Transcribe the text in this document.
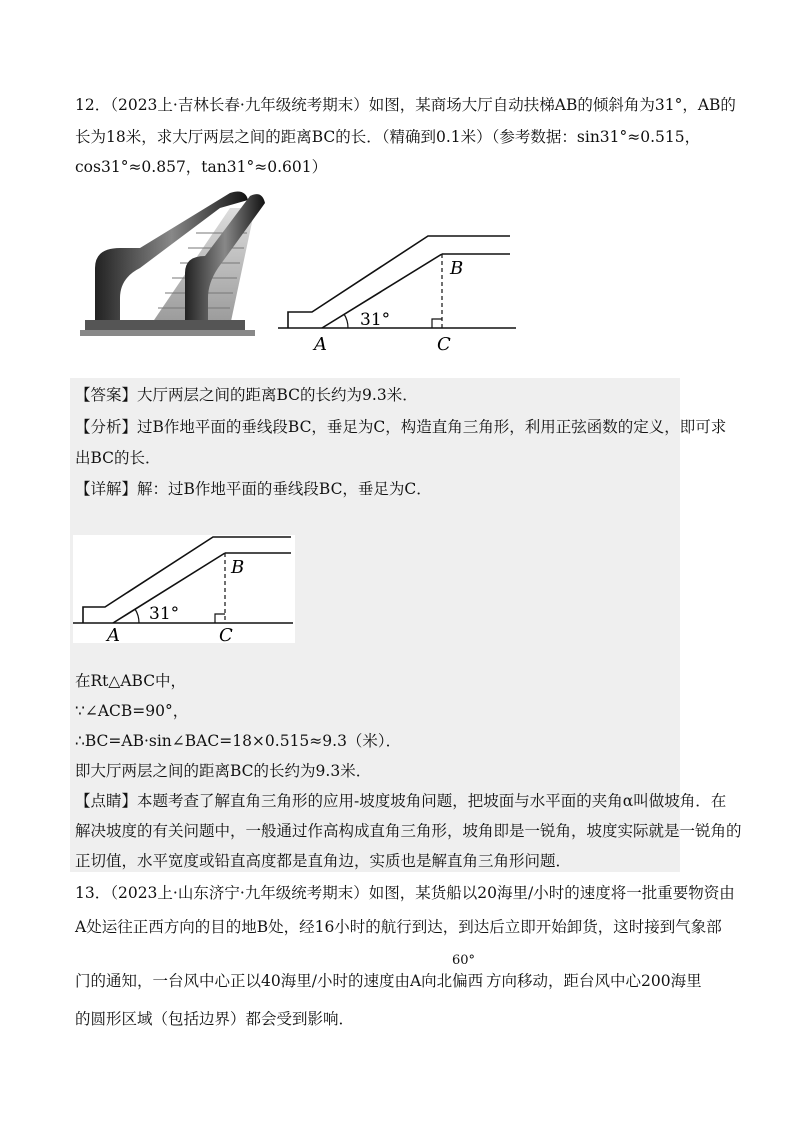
12．（2023上·吉林长春·九年级统考期末）如图，某商场大厅自动扶梯AB的倾斜角为31°，AB的
长为18米，求大厅两层之间的距离BC的长．（精确到0.1米）（参考数据：sin31°≈0.515，
cos31°≈0.857，tan31°≈0.601）
31°
A	C
B
【答案】大厅两层之间的距离BC的长约为9.3米．
【分析】过B作地平面的垂线段BC，垂足为C，构造直角三角形，利用正弦函数的定义，即可求
出BC的长．
【详解】解：过B作地平面的垂线段BC，垂足为C．
31°
A	C
B
在Rt△ABC中，
∵∠ACB=90°，
∴BC=AB·sin∠BAC=18×0.515≈9.3（米）．
即大厅两层之间的距离BC的长约为9.3米．
【点睛】本题考查了解直角三角形的应用-坡度坡角问题，把坡面与水平面的夹角α叫做坡角．在
解决坡度的有关问题中，一般通过作高构成直角三角形，坡角即是一锐角，坡度实际就是一锐角的
正切值，水平宽度或铅直高度都是直角边，实质也是解直角三角形问题．
13．（2023上·山东济宁·九年级统考期末）如图，某货船以20海里/小时的速度将一批重要物资由
A处运往正西方向的目的地B处，经16小时的航行到达，到达后立即开始卸货，这时接到气象部
门的通知，一台风中心正以40海里/小时的速度由A向北偏西
60°
方向移动，距台风中心200海里
的圆形区域（包括边界）都会受到影响．
